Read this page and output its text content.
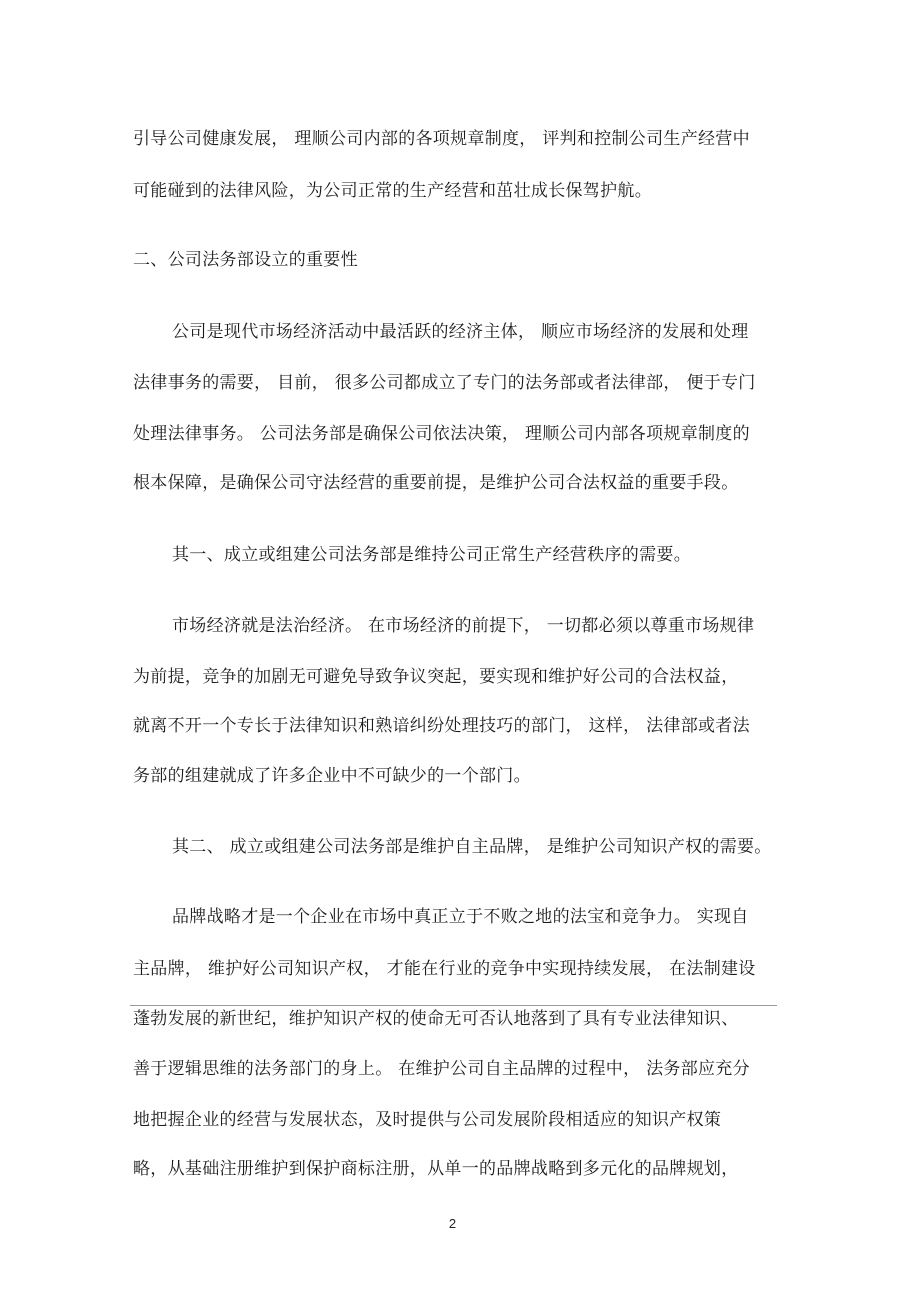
引导公司健康发展， 理顺公司内部的各项规章制度， 评判和控制公司生产经营中
可能碰到的法律风险，为公司正常的生产经营和茁壮成长保驾护航。
二、公司法务部设立的重要性
公司是现代市场经济活动中最活跃的经济主体， 顺应市场经济的发展和处理
法律事务的需要， 目前， 很多公司都成立了专门的法务部或者法律部， 便于专门
处理法律事务。 公司法务部是确保公司依法决策， 理顺公司内部各项规章制度的
根本保障，是确保公司守法经营的重要前提，是维护公司合法权益的重要手段。
其一、成立或组建公司法务部是维持公司正常生产经营秩序的需要。
市场经济就是法治经济。 在市场经济的前提下， 一切都必须以尊重市场规律
为前提，竞争的加剧无可避免导致争议突起，要实现和维护好公司的合法权益，
就离不开一个专长于法律知识和熟谙纠纷处理技巧的部门， 这样， 法律部或者法
务部的组建就成了许多企业中不可缺少的一个部门。
其二、 成立或组建公司法务部是维护自主品牌， 是维护公司知识产权的需要。
品牌战略才是一个企业在市场中真正立于不败之地的法宝和竞争力。 实现自
主品牌， 维护好公司知识产权， 才能在行业的竞争中实现持续发展， 在法制建设
蓬勃发展的新世纪，维护知识产权的使命无可否认地落到了具有专业法律知识、
善于逻辑思维的法务部门的身上。 在维护公司自主品牌的过程中， 法务部应充分
地把握企业的经营与发展状态，及时提供与公司发展阶段相适应的知识产权策
略，从基础注册维护到保护商标注册，从单一的品牌战略到多元化的品牌规划，
2
